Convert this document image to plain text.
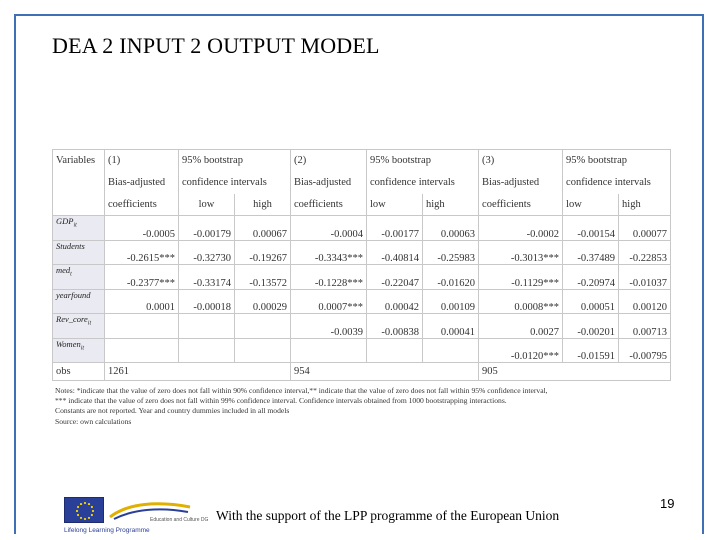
DEA 2 INPUT 2 OUTPUT MODEL
Variables	(1)	95% bootstrap		(2)	95% bootstrap		(3)	95% bootstrap	
	Bias-adjusted	confidence intervals		Bias-adjusted	confidence intervals		Bias-adjusted	confidence intervals	
	coefficients	low	high	coefficients	low	high	coefficients	low	high
$GDP_{it}$	-0.0005	-0.00179	0.00067	-0.0004	-0.00177	0.00063	-0.0002	-0.00154	0.00077
Students	-0.2615***	-0.32730	-0.19267	-0.3343***	-0.40814	-0.25983	-0.3013***	-0.37489	-0.22853
med$_t$	-0.2377***	-0.33174	-0.13572	-0.1228***	-0.22047	-0.01620	-0.1129***	-0.20974	-0.01037
yearfound	0.0001	-0.00018	0.00029	0.0007***	0.00042	0.00109	0.0008***	0.00051	0.00120
Rev_core$_{it}$				-0.0039	-0.00838	0.00041	0.0027	-0.00201	0.00713
Women$_{it}$							-0.0120***	-0.01591	-0.00795
obs	1261			954			905		
Notes: *indicate that the value of zero does not fall within 90% confidence interval,** indicate that the value of zero does not fall within 95% confidence interval,
*** indicate that the value of zero does not fall within 99% confidence interval. Confidence intervals obtained from 1000 bootstrapping interactions.
Constants are not reported. Year and country dummies included in all models
Source: own calculations
Education and Culture DG
Lifelong Learning Programme
With the support of the LPP programme of the European Union
19
